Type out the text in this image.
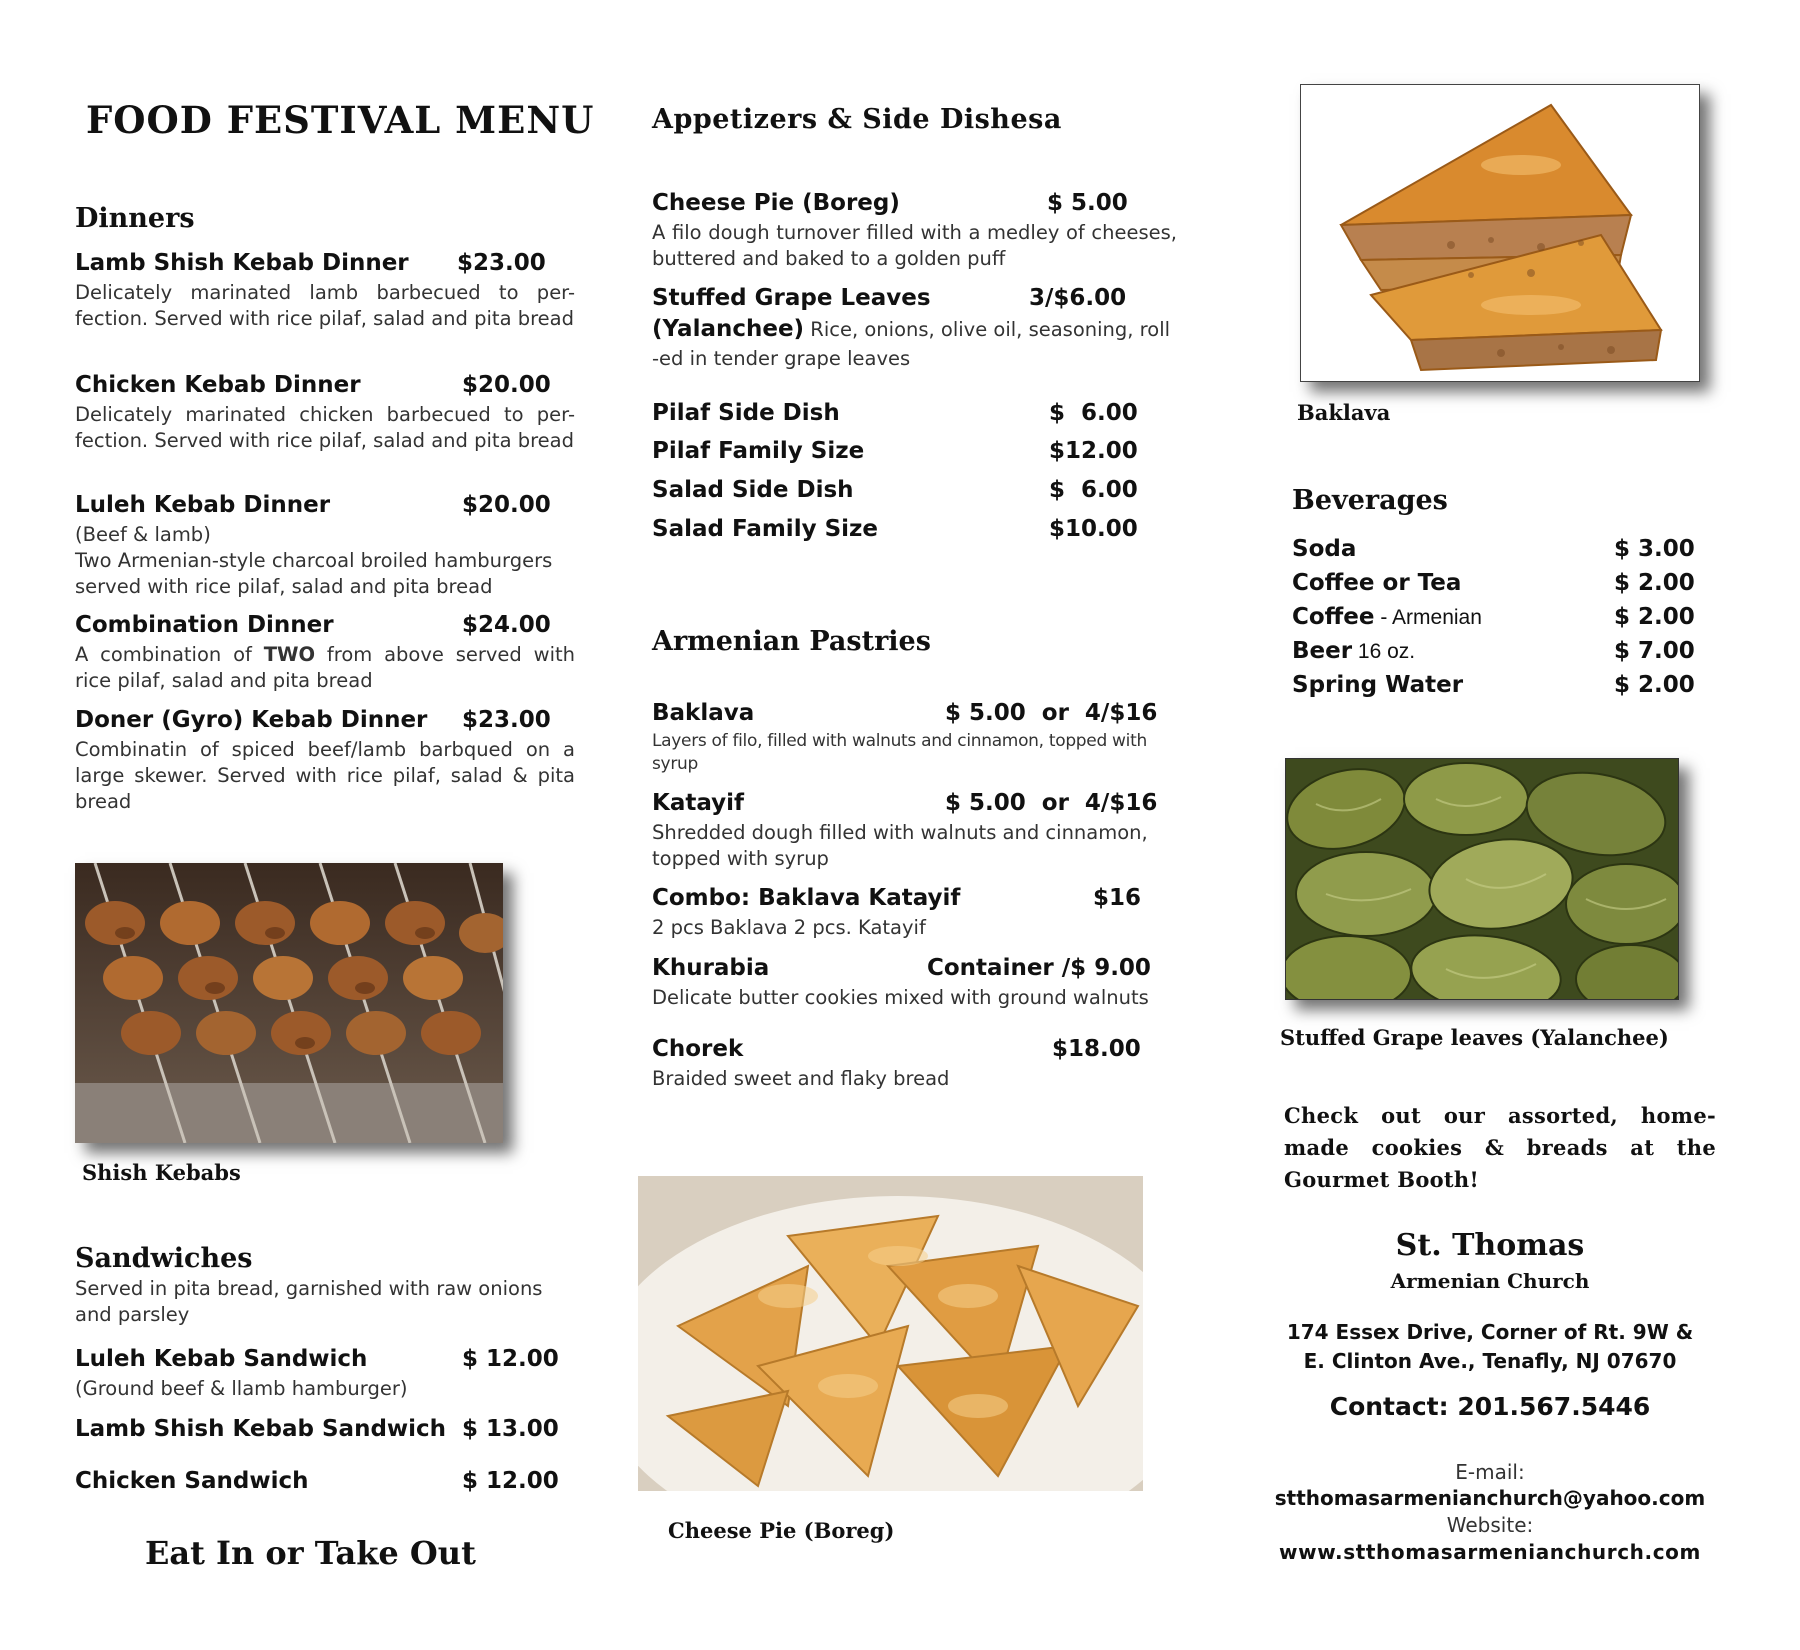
FOOD FESTIVAL MENU
Dinners
Lamb Shish Kebab Dinner $23.00
Delicately marinated lamb barbecued to per-fection. Served with rice pilaf, salad and pita bread
Chicken Kebab Dinner	$20.00
Delicately marinated chicken barbecued to per-fection. Served with rice pilaf, salad and pita bread
Luleh Kebab Dinner	$20.00
(Beef & lamb)
Two Armenian-style charcoal broiled hamburgers served with rice pilaf, salad and pita bread
Combination Dinner	$24.00
A combination of TWO from above served with rice pilaf, salad and pita bread
Doner (Gyro) Kebab Dinner $23.00
Combinatin of spiced beef/lamb barbqued on a large skewer. Served with rice pilaf, salad & pita bread
Shish Kebabs
Sandwiches
Served in pita bread, garnished with raw onions and parsley
Luleh Kebab Sandwich	$ 12.00
(Ground beef & llamb hamburger)
Lamb Shish Kebab Sandwich $ 13.00
Chicken Sandwich	$ 12.00
Eat In or Take Out
Appetizers & Side Dishesa
Cheese Pie (Boreg)	$ 5.00
A filo dough turnover filled with a medley of cheeses, buttered and baked to a golden puff
Stuffed Grape Leaves	3/$6.00
(Yalanchee) Rice, onions, olive oil, seasoning, roll
-ed in tender grape leaves
Pilaf Side Dish	$  6.00
Pilaf Family Size	$12.00
Salad Side Dish	$  6.00
Salad Family Size	$10.00
Armenian Pastries
Baklava	$ 5.00  or  4/$16
Layers of filo, filled with walnuts and cinnamon, topped with syrup
Katayif	$ 5.00  or  4/$16
Shredded dough filled with walnuts and cinnamon, topped with syrup
Combo: Baklava Katayif	$16
2 pcs Baklava 2 pcs. Katayif
Khurabia	Container /$ 9.00
Delicate butter cookies mixed with ground walnuts
Chorek	$18.00
Braided sweet and flaky bread
Cheese Pie (Boreg)
Baklava
Beverages
Soda	$ 3.00
Coffee or Tea	$ 2.00
Coffee - Armenian	$ 2.00
Beer 16 oz.	$ 7.00
Spring Water	$ 2.00
Stuffed Grape leaves (Yalanchee)
Check out our assorted, home-made cookies & breads at the Gourmet Booth!
St. Thomas
Armenian Church
174 Essex Drive, Corner of Rt. 9W &
E. Clinton Ave., Tenafly, NJ 07670
Contact: 201.567.5446
E-mail:
stthomasarmenianchurch@yahoo.com
Website:
www.stthomasarmenianchurch.com
